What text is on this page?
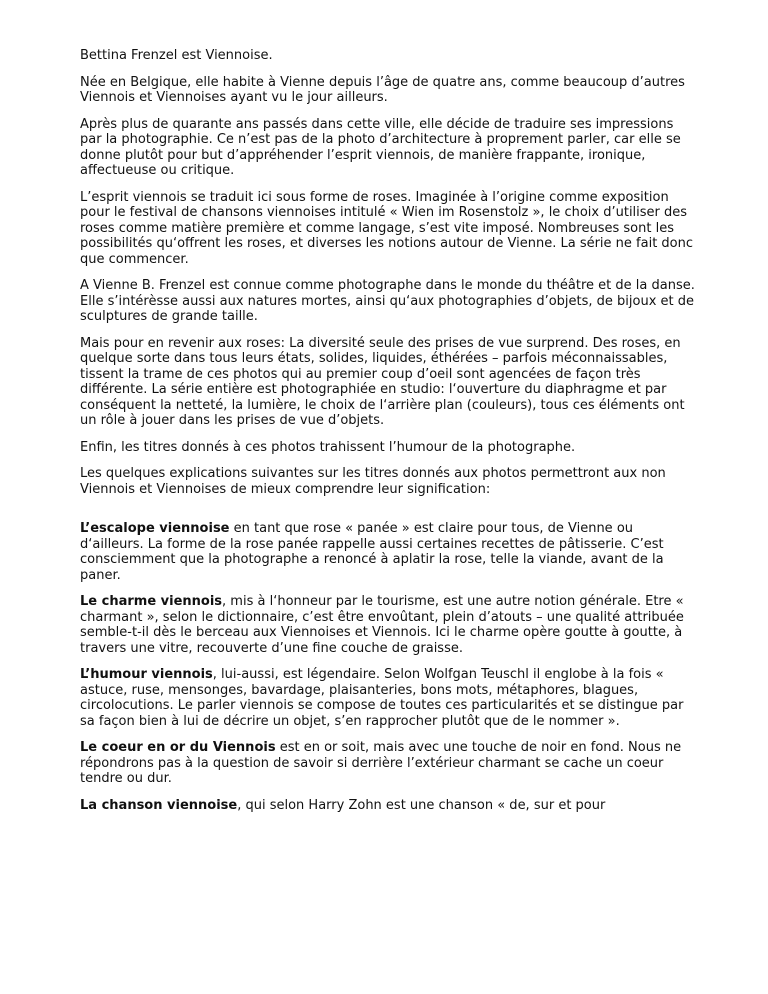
Bettina Frenzel est Viennoise.

Née en Belgique, elle habite à Vienne depuis l’âge de quatre ans, comme beaucoup d’autres Viennois et Viennoises ayant vu le jour ailleurs.

Après plus de quarante ans passés dans cette ville, elle décide de traduire ses impressions par la photographie. Ce n’est pas de la photo d’architecture à proprement parler, car elle se donne plutôt pour but d’appréhender l’esprit viennois, de manière frappante, ironique, affectueuse ou critique.

L’esprit viennois se traduit ici sous forme de roses. Imaginée à l’origine comme exposition pour le festival de chansons viennoises intitulé « Wien im Rosenstolz », le choix d’utiliser des roses comme matière première et comme langage, s’est vite imposé. Nombreuses sont les possibilités qu‘offrent les roses, et diverses les notions autour de Vienne. La série ne fait donc que commencer.

A Vienne B. Frenzel est connue comme photographe dans le monde du théâtre et de la danse. Elle s’intérèsse aussi aux natures mortes, ainsi qu‘aux photographies d’objets, de bijoux et de sculptures de grande taille.

Mais pour en revenir aux roses: La diversité seule des prises de vue surprend. Des roses, en quelque sorte dans tous leurs états, solides, liquides, éthérées – parfois méconnaissables, tissent la trame de ces photos qui au premier coup d’oeil sont agencées de façon très différente. La série entière est photographiée en studio: l‘ouverture du diaphragme et par conséquent la netteté, la lumière, le choix de l‘arrière plan (couleurs), tous ces éléments ont un rôle à jouer dans les prises de vue d’objets.

Enfin, les titres donnés à ces photos trahissent l’humour de la photographe.

Les quelques explications suivantes sur les titres donnés aux photos permettront aux non Viennois et Viennoises de mieux comprendre leur signification:

L’escalope viennoise en tant que rose « panée » est claire pour tous, de Vienne ou d‘ailleurs. La forme de la rose panée rappelle aussi certaines recettes de pâtisserie. C’est consciemment que la photographe a renoncé à aplatir la rose, telle la viande, avant de la paner.

Le charme viennois, mis à l‘honneur par le tourisme, est une autre notion générale. Etre « charmant », selon le dictionnaire, c’est être envoûtant, plein d’atouts – une qualité attribuée semble-t-il dès le berceau aux Viennoises et Viennois. Ici le charme opère goutte à goutte, à travers une vitre, recouverte d’une fine couche de graisse.

L’humour viennois, lui-aussi, est légendaire. Selon Wolfgan Teuschl il englobe à la fois « astuce, ruse, mensonges, bavardage, plaisanteries, bons mots, métaphores, blagues, circolocutions. Le parler viennois se compose de toutes ces particularités et se distingue par sa façon bien à lui de décrire un objet, s’en rapprocher plutôt que de le nommer ».

Le coeur en or du Viennois est en or soit, mais avec une touche de noir en fond. Nous ne répondrons pas à la question de savoir si derrière l’extérieur charmant se cache un coeur tendre ou dur.

La chanson viennoise, qui selon Harry Zohn est une chanson « de, sur et pour
